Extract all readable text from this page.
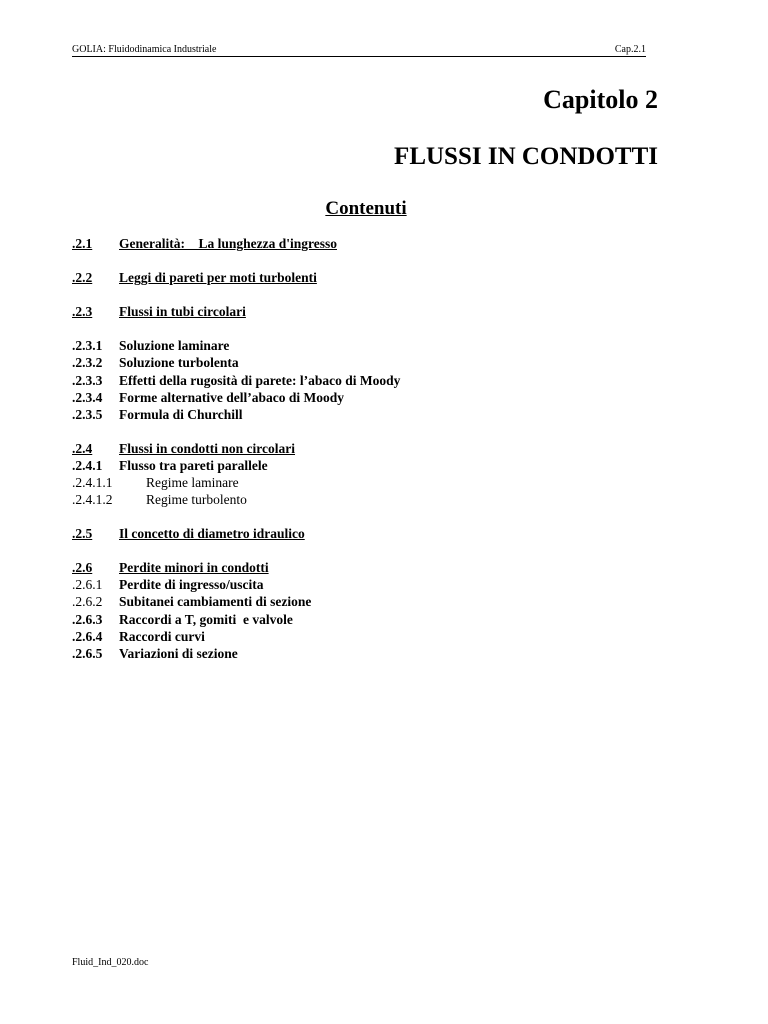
GOLIA: Fluidodinamica Industriale	Cap.2.1
Capitolo 2
FLUSSI IN CONDOTTI
Contenuti
.2.1 Generalità:    La lunghezza d'ingresso
.2.2 Leggi di pareti per moti turbolenti
.2.3 Flussi in tubi circolari
.2.3.1 Soluzione laminare
.2.3.2 Soluzione turbolenta
.2.3.3 Effetti della rugosità di parete: l’abaco di Moody
.2.3.4 Forme alternative dell’abaco di Moody
.2.3.5 Formula di Churchill
.2.4 Flussi in condotti non circolari
.2.4.1 Flusso tra pareti parallele
.2.4.1.1 Regime laminare
.2.4.1.2 Regime turbolento
.2.5 Il concetto di diametro idraulico
.2.6 Perdite minori in condotti
.2.6.1 Perdite di ingresso/uscita
.2.6.2 Subitanei cambiamenti di sezione
.2.6.3 Raccordi a T, gomiti  e valvole
.2.6.4 Raccordi curvi
.2.6.5 Variazioni di sezione
Fluid_Ind_020.doc
